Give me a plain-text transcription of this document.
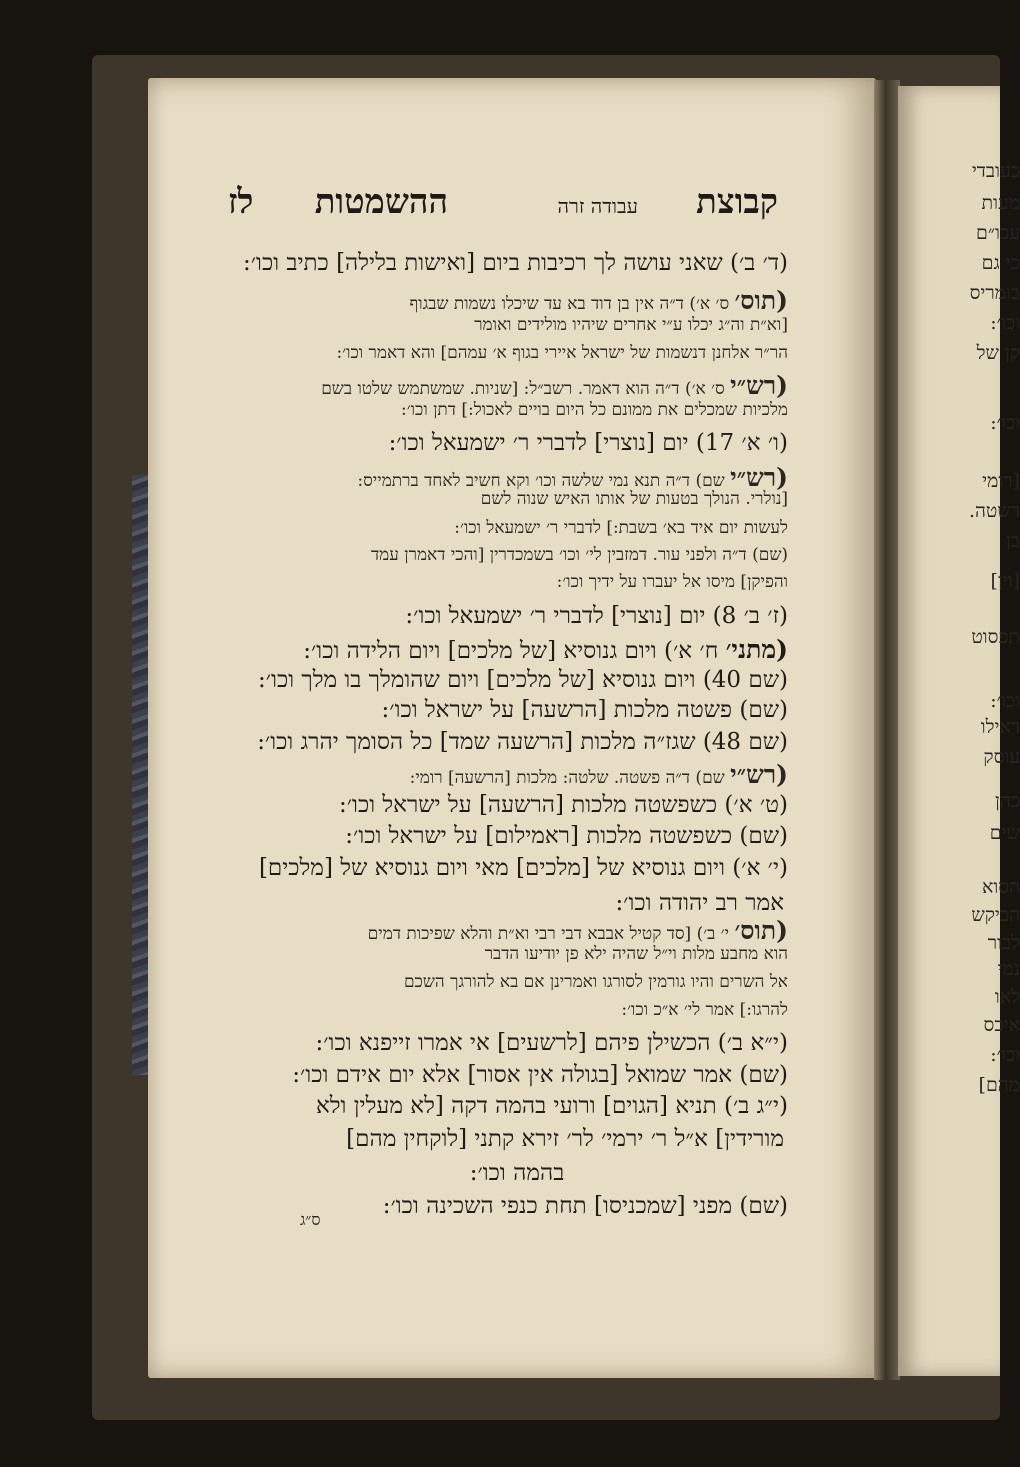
כעובדי
מעות
עכו״ם
כי גם
בומריס
וכו׳:
קן של
וכו׳:
[רומי
דשטה.
בן
[וין]
תפסוט
וכו׳:
דאילו
עוסק
כהן
שים
הסוא
הביקש
לבור
נמי
לאו
איכס
וכו׳:
מהם]
קבוצת
עבודה זרה
ההשמטות
לז
(ד׳ ב׳) שאני עושה לך רכיבות ביום [ואישות בלילה] כתיב וכו׳:
(תוס׳ ס׳ א׳) ד״ה אין בן דוד בא עד שיכלו נשמות שבגוף
[וא״ת וה״ג יכלו ע״י אחרים שיהיו מולידים ואומר
הר״ר אלחנן דנשמות של ישראל איירי בגוף א׳ עמהם] והא דאמר וכו׳:
(רש״י ס׳ א׳) ד״ה הוא דאמר. רשב״ל: [שניות. שמשתמש שלטו בשם
מלכיות שמכלים את ממונם כל היום בויים לאכול:] דתן וכו׳:
(ו׳ א׳ 17) יום [נוצרי] לדברי ר׳ ישמעאל וכו׳:
(רש״י שם) ד״ה תנא נמי שלשה וכו׳ וקא חשיב לאחד ברתמייס:
[נולרי. הנולך בטעות של אותו האיש שנוה לשם
לעשות יום איד בא׳ בשבת:] לדברי ר׳ ישמעאל וכו׳:
(שם) ד״ה ולפני עור. דמזבין לי׳ וכו׳ בשמכדרין [והכי דאמרן עמד
והפיקן] מיסו אל יעברו על ידיך וכו׳:
(ז׳ ב׳ 8) יום [נוצרי] לדברי ר׳ ישמעאל וכו׳:
(מתני׳ ח׳ א׳) ויום גנוסיא [של מלכים] ויום הלידה וכו׳:
(שם 40) ויום גנוסיא [של מלכים] ויום שהומלך בו מלך וכו׳:
(שם) פשטה מלכות [הרשעה] על ישראל וכו׳:
(שם 48) שגז״ה מלכות [הרשעה שמד] כל הסומך יהרג וכו׳:
(רש״י שם) ד״ה פשטה. שלטה: מלכות [הרשעה] רומי:
(ט׳ א׳) כשפשטה מלכות [הרשעה] על ישראל וכו׳:
(שם) כשפשטה מלכות [ראמילום] על ישראל וכו׳:
(י׳ א׳) ויום גנוסיא של [מלכים] מאי ויום גנוסיא של [מלכים]
אמר רב יהודה וכו׳:
(תוס׳ י׳ ב׳) [סד קטיל אבבא דבי רבי וא״ת והלא שפיכות דמים
הוא מחבע מלות וי״ל שהיה ילא פן יודיעו הדבר
אל השרים והיו גורמין לסורגו ואמרינן אם בא להורגך השכם
להרגו:] אמר לי׳ א״כ וכו׳:
(י״א ב׳) הכשילן פיהם [לרשעים] אי אמרו זייפנא וכו׳:
(שם) אמר שמואל [בגולה אין אסור] אלא יום אידם וכו׳:
(י״ג ב׳) תניא [הגוים] ורועי בהמה דקה [לא מעלין ולא
מורידין] א״ל ר׳ ירמי׳ לר׳ זירא קתני [לוקחין מהם]
בהמה וכו׳:
(שם) מפני [שמכניסו] תחת כנפי השכינה וכו׳:
ס״ג
